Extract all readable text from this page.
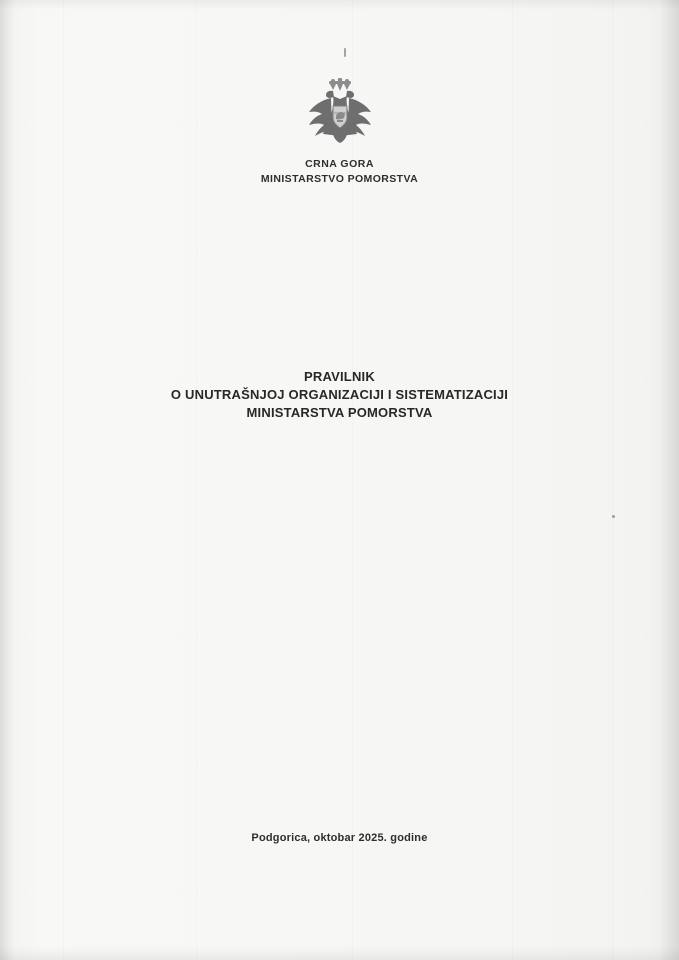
CRNA GORA
MINISTARSTVO POMORSTVA
PRAVILNIK
O UNUTRAŠNJOJ ORGANIZACIJI I SISTEMATIZACIJI
MINISTARSTVA POMORSTVA
Podgorica, oktobar 2025. godine
